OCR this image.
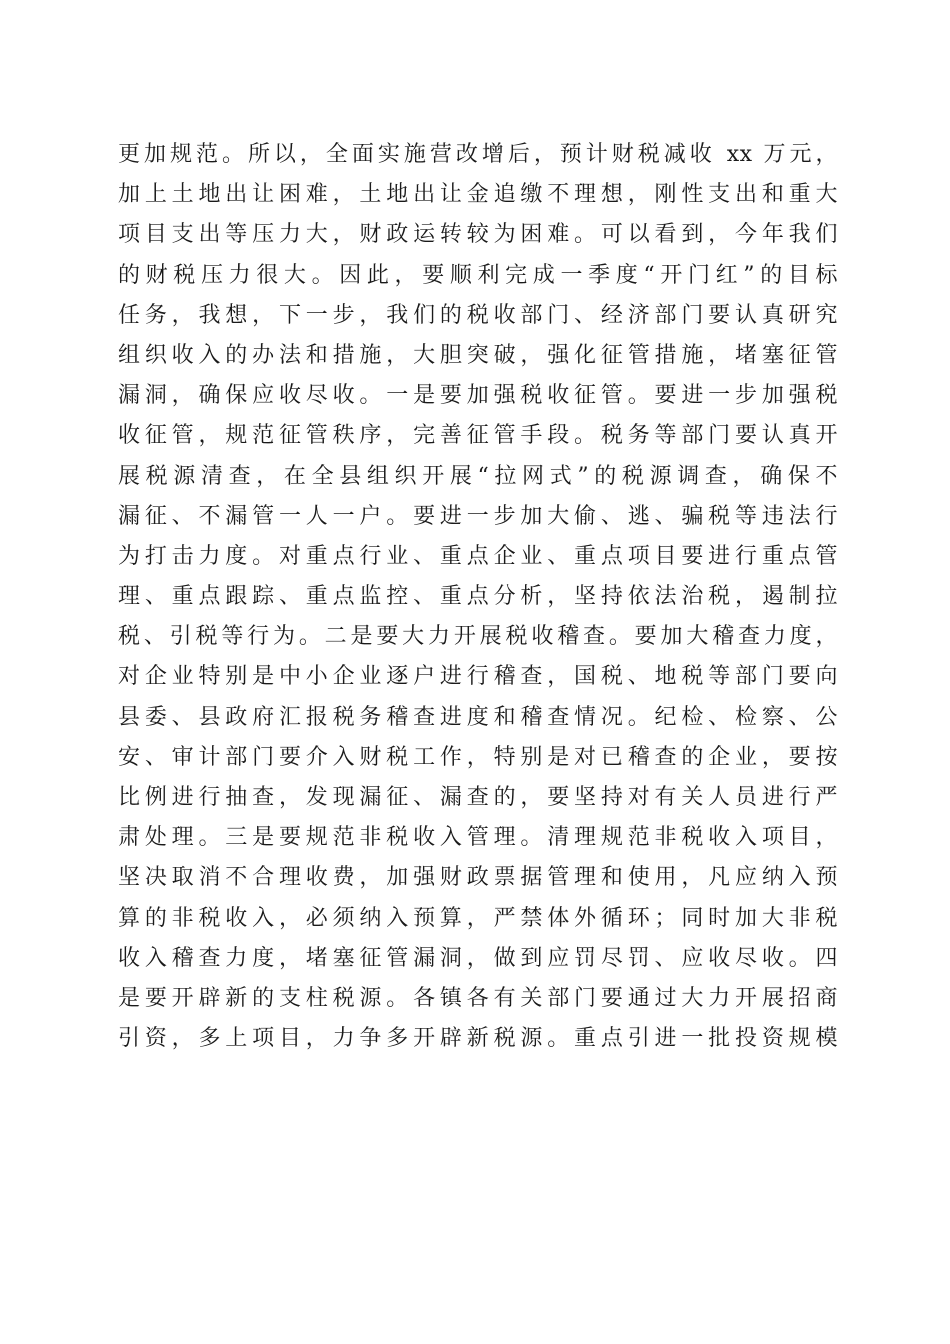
更加规范。所以，全面实施营改增后，预计财税减收 xx 万元，
加上土地出让困难，土地出让金追缴不理想，刚性支出和重大
项目支出等压力大，财政运转较为困难。可以看到，今年我们
的财税压力很大。因此，要顺利完成一季度“开门红”的目标
任务，我想，下一步，我们的税收部门、经济部门要认真研究
组织收入的办法和措施，大胆突破，强化征管措施，堵塞征管
漏洞，确保应收尽收。一是要加强税收征管。要进一步加强税
收征管，规范征管秩序，完善征管手段。税务等部门要认真开
展税源清查，在全县组织开展“拉网式”的税源调查，确保不
漏征、不漏管一人一户。要进一步加大偷、逃、骗税等违法行
为打击力度。对重点行业、重点企业、重点项目要进行重点管
理、重点跟踪、重点监控、重点分析，坚持依法治税，遏制拉
税、引税等行为。二是要大力开展税收稽查。要加大稽查力度，
对企业特别是中小企业逐户进行稽查，国税、地税等部门要向
县委、县政府汇报税务稽查进度和稽查情况。纪检、检察、公
安、审计部门要介入财税工作，特别是对已稽查的企业，要按
比例进行抽查，发现漏征、漏查的，要坚持对有关人员进行严
肃处理。三是要规范非税收入管理。清理规范非税收入项目，
坚决取消不合理收费，加强财政票据管理和使用，凡应纳入预
算的非税收入，必须纳入预算，严禁体外循环；同时加大非税
收入稽查力度，堵塞征管漏洞，做到应罚尽罚、应收尽收。四
是要开辟新的支柱税源。各镇各有关部门要通过大力开展招商
引资，多上项目，力争多开辟新税源。重点引进一批投资规模
